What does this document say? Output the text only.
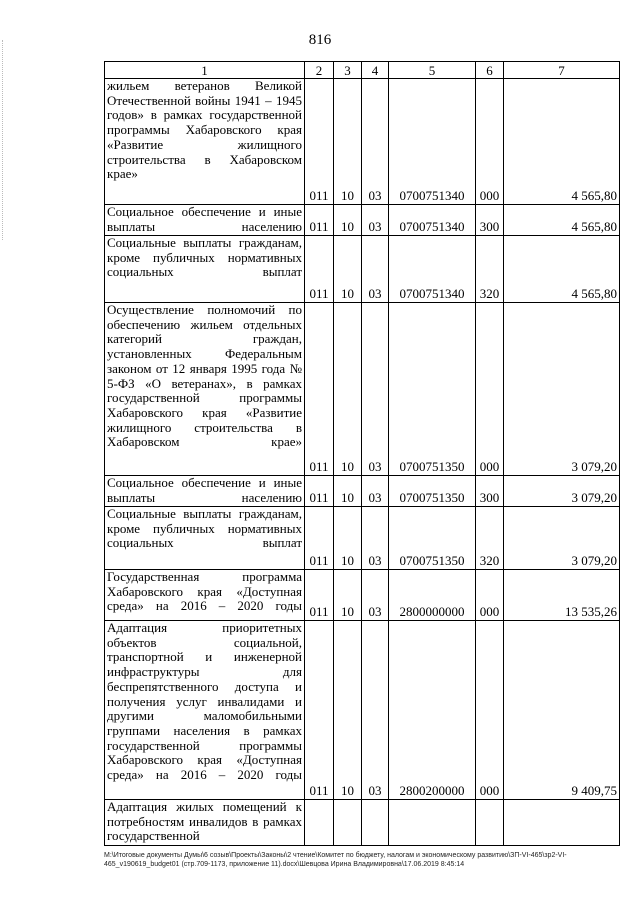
816
1	2	3	4	5	6	7
жильем ветеранов Великой Отечественной войны 1941 – 1945 годов» в рамках государственной программы Хабаровского края «Развитие жилищного строительства в Хабаровском крае»	011	10	03	0700751340	000	4 565,80
Социальное обеспечение и иные выплаты населению	011	10	03	0700751340	300	4 565,80
Социальные выплаты гражданам, кроме публичных нормативных социальных выплат	011	10	03	0700751340	320	4 565,80
Осуществление полномочий по обеспечению жильем отдельных категорий граждан, установленных Федеральным законом от 12 января 1995 года № 5-ФЗ «О ветеранах», в рамках государственной программы Хабаровского края «Развитие жилищного строительства в Хабаровском крае»	011	10	03	0700751350	000	3 079,20
Социальное обеспечение и иные выплаты населению	011	10	03	0700751350	300	3 079,20
Социальные выплаты гражданам, кроме публичных нормативных социальных выплат	011	10	03	0700751350	320	3 079,20
Государственная программа Хабаровского края «Доступная среда» на 2016 – 2020 годы	011	10	03	2800000000	000	13 535,26
Адаптация приоритетных объектов социальной, транспортной и инженерной инфраструктуры для беспрепятственного доступа и получения услуг инвалидами и другими маломобильными группами населения в рамках государственной программы Хабаровского края «Доступная среда» на 2016 – 2020 годы	011	10	03	2800200000	000	9 409,75
Адаптация жилых помещений к потребностям инвалидов в рамках государственной						
M:\Итоговые документы Думы\6 созыв\Проекты\Законы\2 чтение\Комитет по бюджету, налогам и экономическому развитию\ЗП-VI-465\зр2-VI-465_v190619_budget01 (стр.709-1173, приложение 11).docx\Шевцова Ирина Владимировна\17.06.2019 8:45:14
